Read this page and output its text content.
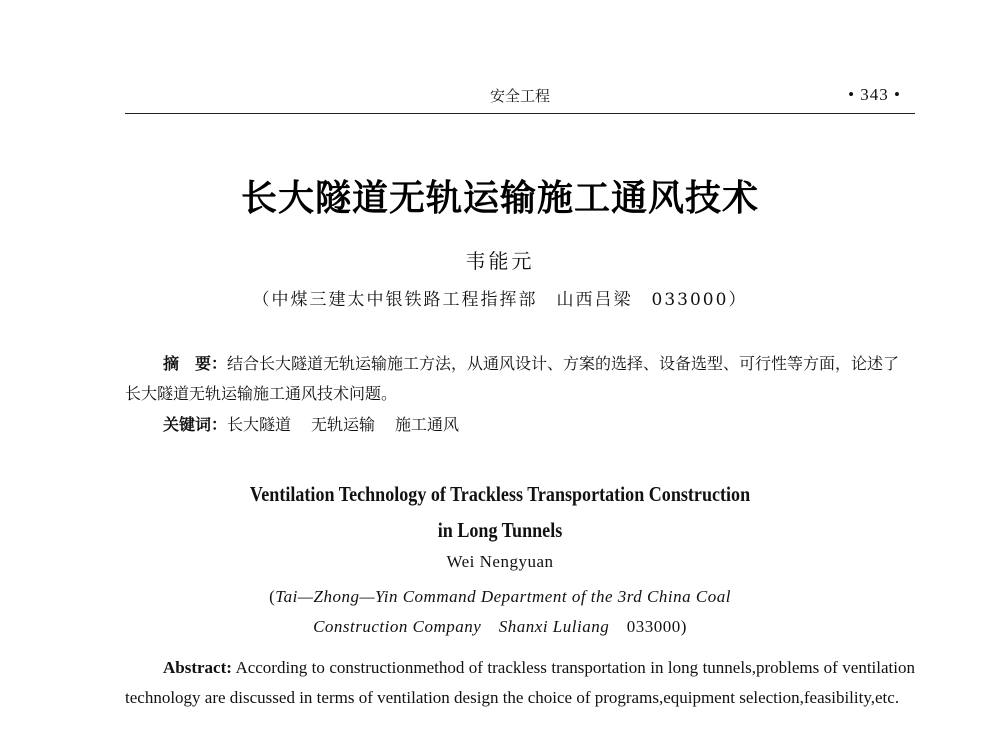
安全工程	• 343 •
长大隧道无轨运输施工通风技术
韦能元
（中煤三建太中银铁路工程指挥部　山西吕梁　033000）
摘　要：结合长大隧道无轨运输施工方法，从通风设计、方案的选择、设备选型、可行性等方面，论述了长大隧道无轨运输施工通风技术问题。
关键词：长大隧道 无轨运输 施工通风
Ventilation Technology of Trackless Transportation Construction
in Long Tunnels
Wei Nengyuan
(Tai—Zhong—Yin Command Department of the 3rd China Coal
Construction Company　Shanxi Luliang　033000)
Abstract: According to constructionmethod of trackless transportation in long tunnels,problems of ventilation technology are discussed in terms of ventilation design the choice of programs,equipment selection,feasibility,etc.
